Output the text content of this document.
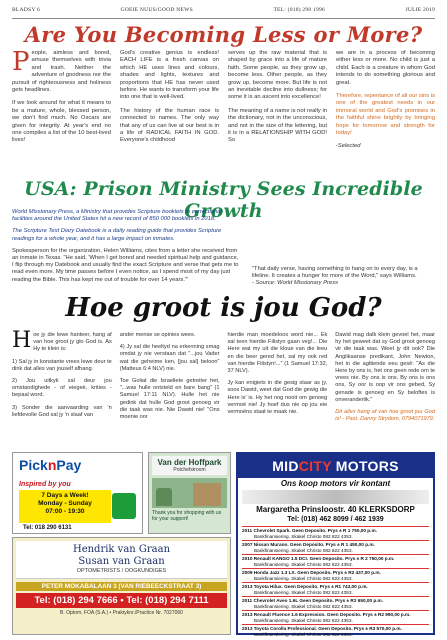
BLADSY 6	GOEIE NUUS/GOOD NEWS	TEL: (018) 290 1996	JULIE 2019
Are You Becoming Less or More?

People, aimless and bored, amuse themselves with trivia and trash. Neither the adventure of goodness nor the pursuit of righteousness and holiness gets headlines.

If we look around for what it means to be a mature, whole, blessed person, we don't find much. No Oscars are given for integrity. At year's end no one compiles a list of the 10 best-lived lives!

God's creative genius is endless! EACH LIFE is a fresh canvas on which HE uses lines and colours, shades and lights, textures and proportions that HE has never used before. He wants to transform your life into one that is well-lived.

The history of the human race is connected to names. The only way that any of us can live at our best is in a life of RADICAL FAITH IN GOD. Everyone's childhood

serves up the raw material that is shaped by grace into a life of mature faith. Some people, as they grow up, become less. Other people, as they grow up, become more. But life is not an inevitable decline into dullness; for some it is an ascent into excellence!

The meaning of a name is not really in the dictionary, not in the unconscious, and not in the size of the lettering, but it is in a RELATIONSHIP WITH GOD! So

we are in a process of becoming either less or more. No child is just a child. Each is a creature in whom God intends to do something glorious and great.

Therefore, repentance of all our sins is one of the greatest needs in our immoral world and God's promises in the faithful shine brightly by bringing hope for tomorrow and strength for today!

-Selected

USA: Prison Ministry Sees Incredible Growth

World Missionary Press, a Ministry that provides Scripture booklets to correctional facilities around the United States hit a new record of 850 000 booklets in 2018.

The Scripture Text Diary Datebook is a daily reading guide that provides Scripture readings for a whole year, and it has a large impact on inmates.

Spokesperson for the organization, Helen Williams, cites from a letter she received from an inmate in Texas. "He said, 'When I get bored and needed spiritual help and guidance, I flip through my Datebook and usually find the exact Scripture and verse that gets me to read even more. My time passes before I even notice, as I spend most of my day just reading the Bible. This has kept me out of trouble for over 14 years.'"

"That daily verse, having something to hang on to every day, is a lifeline. It creates a hunger for more of the Word," says Williams.

- Source: World Missionary Press

Hoe groot is jou God?

Hoe jy die lewe hanteer, hang af van hoe groot jy glo God is. As Hy te klein is:

1) Sal jy in konstante vrees lewe deur te dink dat alles van jouself afhang.

2) Jou uitkyk sal deur jou omstandighede - of eiegeë, krities - bepaal word.

3) Sonder die aanvaarding van 'n liefdevolle God sal jy 'n slaaf van

ander mense se opinies wees.

4) Jy sal die heeltyd na erkenning smag omdat jy nie verstaan dat "...jou Vader wat die geheime ken, [jou sal] beloon" (Matteus 6:4 NLV) nie.

Toe Goliat die Israeliete getreiter het, "...was hulle ontsteld en bare bang" (1 Samuel 17:11 NLV). Hulle het nie gedink dat hulle God groot genoeg vir die taak was nie. Nie Dawid nie! "Ons moenie oor

hierdie man moedeloos word nie... Ek sal teen hierdie Filistyn gaan veg!... Die Here wat my uit die kloue van die leeu en die beer gered het, sal my ook red van hierdie Filistyn!..." (1 Samuel 17:32, 37 NLV).

Jy kan enigiets in die gesig staar as jy, soos Dawid, weet dat God die gewig die Here is' is. Hy het nog nooit om genoeg vermoë nie! Jy hoef dus nie op jou eie vermoëns staat te maak nie.

Dawid mag dalk klein gevoel het, maar hy het geweet dat sy God groot genoeg vir die taak was. Weet jy dit ook? Die Anglikaanse predikant, John Newton, het in die agttiende eeu gesê: "As die Here by ons is, het ons geen rede om te vrees nie. By ons is ons. By ons is ons ons, Sy oor is oop vir ons gebed, Sy genade is genoeg en Sy beloftes is onveranderlik."

Dit alles hang af van hoe groot jou God is! - Past. Danny Strydom, 0794071979.

PicknPay
Inspired by you
7 Days a Week!
Monday - Sunday
07:00 - 19:30
Tel: 018 290 6131
Van der Hoffpark
Potchefstroom
Thank you for shopping with us for your support!
Hendrik van Graan
Susan van Graan
OPTOMETRISTS / OOGKUNDIGES
PETER MOKABALAAN 3 (VAN RIEBEECKSTRAAT 3)
Tel: (018) 294 7666 • Tel: (018) 294 7111
B. Optom. FOA (S.A.) • Praktyknr./Practice Nr. 7027060
MIDCITY MOTORS
Ons koop motors vir kontant
Margaretha Prinsloostr. 40 KLERKSDORP
Tel: (018) 462 8099 / 462 1939
2011 Chevrolet Spark. Geen Deposito. Prys ± R 1 750,00 p.m.
Bankfinansiering. Skakel Christo 082 822 4353.
2007 Nissan Murano. Geen Deposito. Prys ± R 1 450,00 p.m.
Bankfinansiering. Skakel Christo 082 822 4353.
2010 Renault KANGO 1.5 DCI. Geen Deposito. Prys ± R 2 750,00 p.m.
Bankfinansiering. Skakel Christo 082 822 4353.
2009 Honda Jazz 1.3 LX. Geen Deposito. Prys ± R2 437,00 p.m.
Bankfinansiering. Skakel Christo 082 822 4353.
2013 Toyota Hilux. Geen Deposito. Prys ± R1 743,00 p.m.
Bankfinansiering. Skakel Christo 082 822 4353.
2011 Chevrolet Aveo 1.6L Geen Deposito. Prys ± R2 650,00 p.m.
Bankfinansiering. Skakel Christo 082 822 4353.
2013 Renault Fluence 1.6 Expression. Geen Deposito. Prys ± R2 990,00 p.m.
Bankfinansiering. Skakel Christo 082 822 4353.
2013 Toyota Corolla Professional. Geen Deposito. Prys ± R3 570,00 p.m.
Bankfinansiering. Skakel Christo 082 822 4353.
